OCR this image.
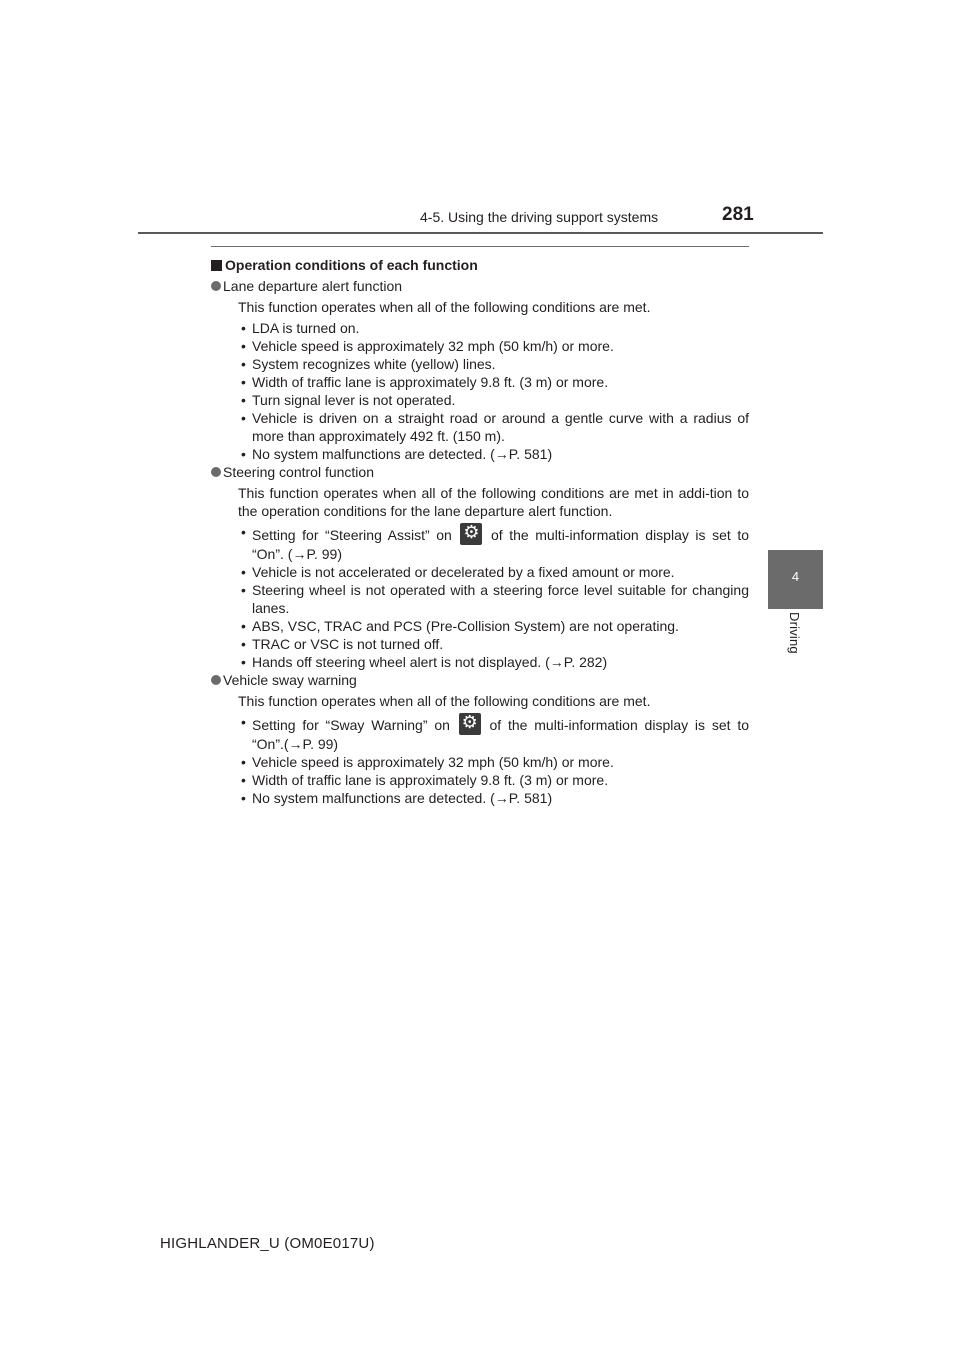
4-5. Using the driving support systems	281
4
Driving

Operation conditions of each function

Lane departure alert function

This function operates when all of the following conditions are met.

• LDA is turned on.
• Vehicle speed is approximately 32 mph (50 km/h) or more.
• System recognizes white (yellow) lines.
• Width of traffic lane is approximately 9.8 ft. (3 m) or more.
• Turn signal lever is not operated.
• Vehicle is driven on a straight road or around a gentle curve with a radius of more than approximately 492 ft. (150 m).
• No system malfunctions are detected. (→P. 581)

Steering control function

This function operates when all of the following conditions are met in addi-tion to the operation conditions for the lane departure alert function.

• Setting for “Steering Assist” on ⚙	of the multi-information display is set to “On”. (→P. 99)
• Vehicle is not accelerated or decelerated by a fixed amount or more.
• Steering wheel is not operated with a steering force level suitable for changing lanes.
• ABS, VSC, TRAC and PCS (Pre-Collision System) are not operating.
• TRAC or VSC is not turned off.
• Hands off steering wheel alert is not displayed. (→P. 282)

Vehicle sway warning

This function operates when all of the following conditions are met.

• Setting for “Sway Warning” on ⚙	of the multi-information display is set to “On”.(→P. 99)
• Vehicle speed is approximately 32 mph (50 km/h) or more.
• Width of traffic lane is approximately 9.8 ft. (3 m) or more.
• No system malfunctions are detected. (→P. 581)
HIGHLANDER_U (OM0E017U)
